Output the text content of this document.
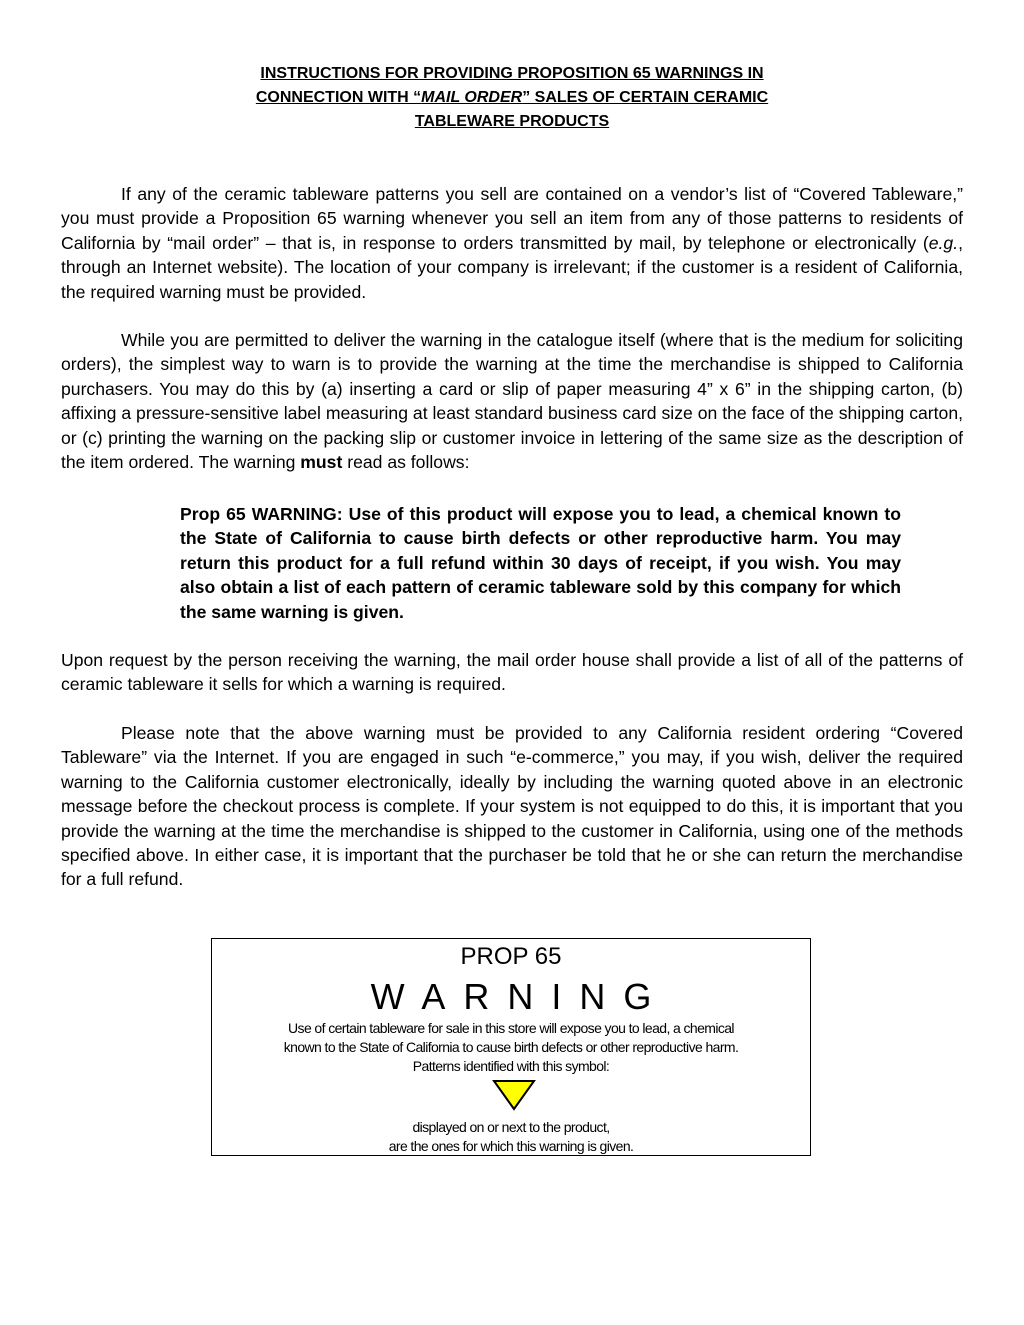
INSTRUCTIONS FOR PROVIDING PROPOSITION 65 WARNINGS IN
CONNECTION WITH “MAIL ORDER” SALES OF CERTAIN CERAMIC
TABLEWARE PRODUCTS

If any of the ceramic tableware patterns you sell are contained on a vendor’s list of “Covered Tableware,” you must provide a Proposition 65 warning whenever you sell an item from any of those patterns to residents of California by “mail order” – that is, in response to orders transmitted by mail, by telephone or electronically (e.g., through an Internet website). The location of your company is irrelevant; if the customer is a resident of California, the required warning must be provided.

While you are permitted to deliver the warning in the catalogue itself (where that is the medium for soliciting orders), the simplest way to warn is to provide the warning at the time the merchandise is shipped to California purchasers. You may do this by (a) inserting a card or slip of paper measuring 4” x 6” in the shipping carton, (b) affixing a pressure-sensitive label measuring at least standard business card size on the face of the shipping carton, or (c) printing the warning on the packing slip or customer invoice in lettering of the same size as the description of the item ordered. The warning must read as follows:

Prop 65 WARNING: Use of this product will expose you to lead, a chemical known to the State of California to cause birth defects or other reproductive harm. You may return this product for a full refund within 30 days of receipt, if you wish. You may also obtain a list of each pattern of ceramic tableware sold by this company for which the same warning is given.

Upon request by the person receiving the warning, the mail order house shall provide a list of all of the patterns of ceramic tableware it sells for which a warning is required.

Please note that the above warning must be provided to any California resident ordering “Covered Tableware” via the Internet. If you are engaged in such “e-commerce,” you may, if you wish, deliver the required warning to the California customer electronically, ideally by including the warning quoted above in an electronic message before the checkout process is complete. If your system is not equipped to do this, it is important that you provide the warning at the time the merchandise is shipped to the customer in California, using one of the methods specified above. In either case, it is important that the purchaser be told that he or she can return the merchandise for a full refund.

PROP 65
WARNING
Use of certain tableware for sale in this store will expose you to lead, a chemical
known to the State of California to cause birth defects or other reproductive harm.
Patterns identified with this symbol:
displayed on or next to the product,
are the ones for which this warning is given.
